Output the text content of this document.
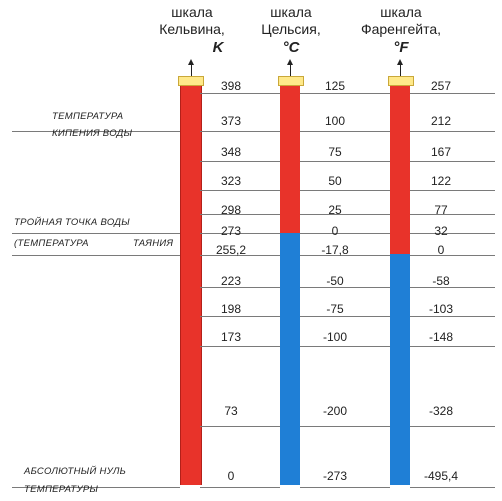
шкала
Кельвина,
K
шкала
Цельсия,
°C
шкала
Фаренгейта,
°F
398	125	257
373	100	212
348	75	167
323	50	122
298	25	77
273	0	32
255,2	-17,8	0
223	-50	-58
198	-75	-103
173	-100	-148
73	-200	-328
0	-273	-495,4
ТЕМПЕРАТУРА
КИПЕНИЯ ВОДЫ
ТРОЙНАЯ ТОЧКА ВОДЫ
(ТЕМПЕРАТУРА	ТАЯНИЯ
АБСОЛЮТНЫЙ НУЛЬ
ТЕМПЕРАТУРЫ
